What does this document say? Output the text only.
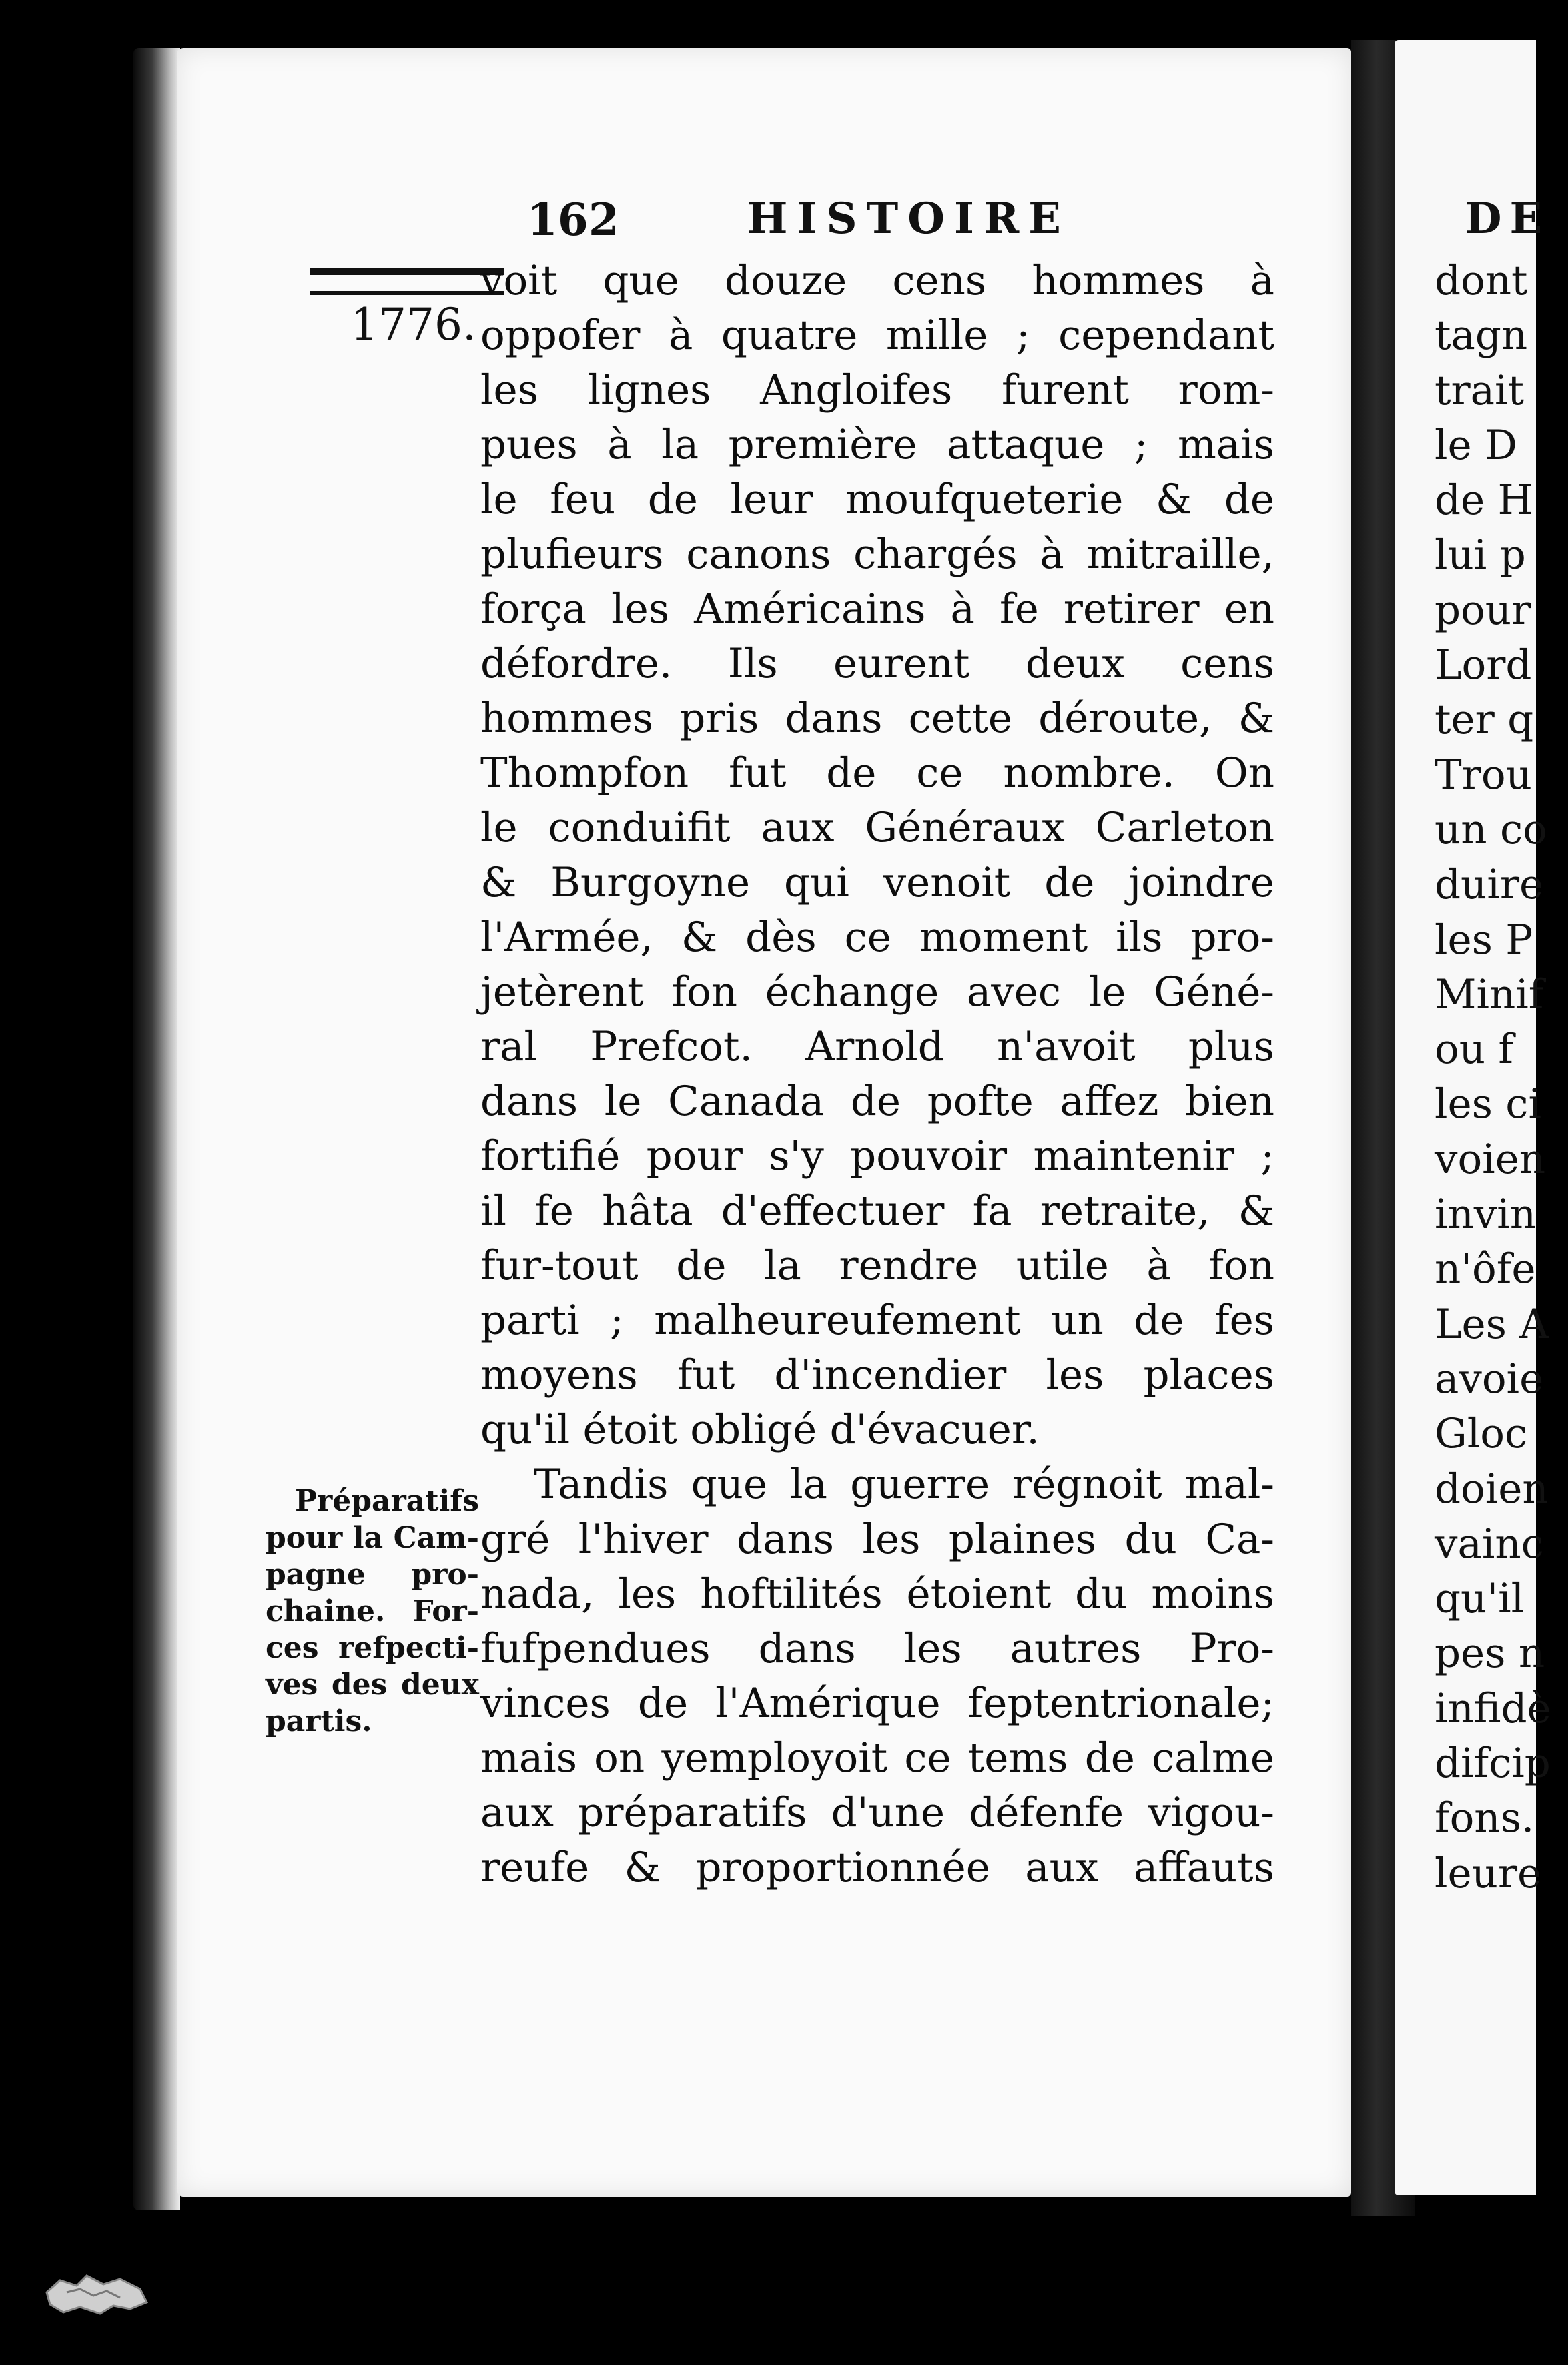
162	HISTOIRE
1776.
voit que douze cens hommes à
oppofer à quatre mille ; cependant
les lignes Angloifes furent rom-
pues à la première attaque ; mais
le feu de leur moufqueterie & de
plufieurs canons chargés à mitraille,
força les Américains à fe retirer en
défordre. Ils eurent deux cens
hommes pris dans cette déroute, &
Thompfon fut de ce nombre. On
le conduifit aux Généraux Carleton
& Burgoyne qui venoit de joindre
l'Armée, & dès ce moment ils pro-
jetèrent fon échange avec le Géné-
ral Prefcot. Arnold n'avoit plus
dans le Canada de pofte affez bien
fortifié pour s'y pouvoir maintenir ;
il fe hâta d'effectuer fa retraite, &
fur-tout de la rendre utile à fon
parti ; malheureufement un de fes
moyens fut d'incendier les places
qu'il étoit obligé d'évacuer.
Tandis que la guerre régnoit mal-
gré l'hiver dans les plaines du Ca-
nada, les hoftilités étoient du moins
fufpendues dans les autres Pro-
vinces de l'Amérique feptentrionale;
mais on yemployoit ce tems de calme
aux préparatifs d'une défenfe vigou-
reufe & proportionnée aux affauts
Préparatifs
pour la Cam-
pagne pro-
chaine. For-
ces refpecti-
ves des deux
partis.
DE
dont
tagn
trait
le D
de H
lui p
pour
Lord
ter q
Trou
un co
duire
les P
Minif
ou f
les ci
voien
invin
n'ôfe
Les A
avoie
Gloc
doien
vainc
qu'il
pes n
infidè
difcip
fons.
leure
